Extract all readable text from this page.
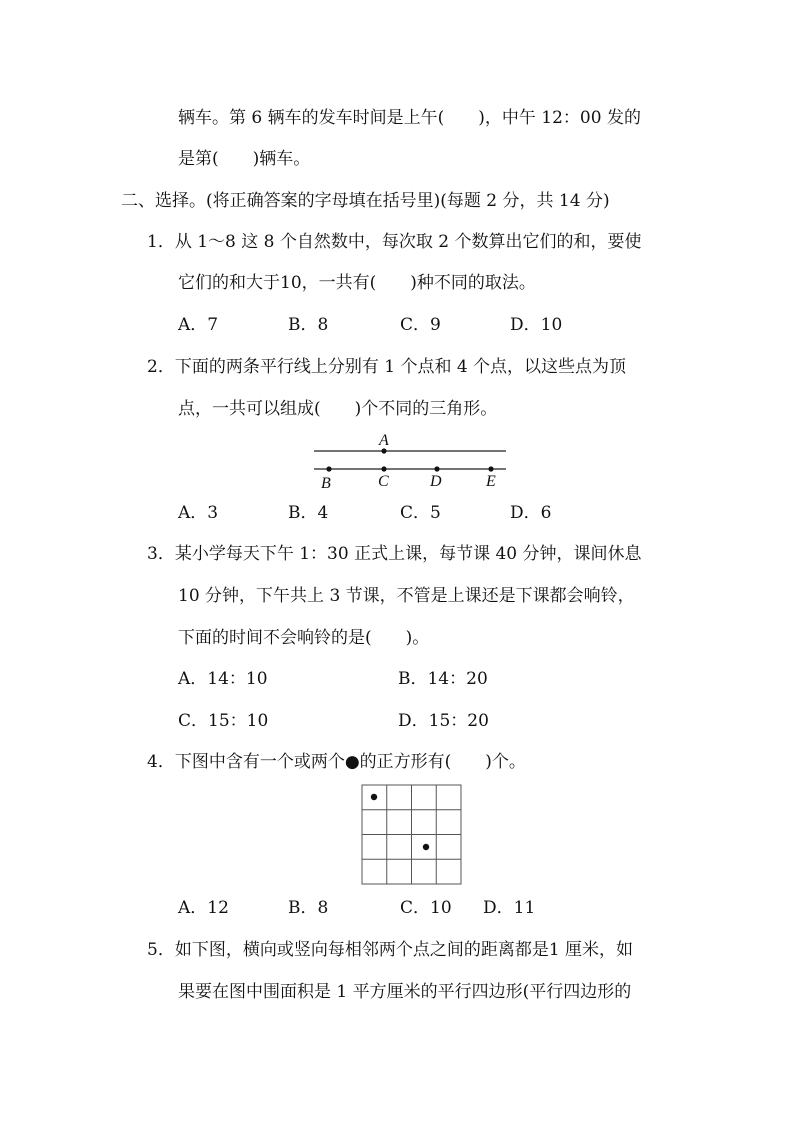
辆车。第 6 辆车的发车时间是上午(　　)，中午 12：00 发的
是第(　　)辆车。
二、选择。(将正确答案的字母填在括号里)(每题 2 分，共 14 分)
1．从 1～8 这 8 个自然数中，每次取 2 个数算出它们的和，要使
它们的和大于10，一共有(　　)种不同的取法。
A．7	B．8	C．9	D．10
2．下面的两条平行线上分别有 1 个点和 4 个点，以这些点为顶
点，一共可以组成(　　)个不同的三角形。
A
B	C	D	E
A．3	B．4	C．5	D．6
3．某小学每天下午 1：30 正式上课，每节课 40 分钟，课间休息
10 分钟，下午共上 3 节课，不管是上课还是下课都会响铃，
下面的时间不会响铃的是(　　)。
A．14：10	B．14：20
C．15：10	D．15：20
4．下图中含有一个或两个●的正方形有(　　)个。
A．12	B．8	C．10 D．11
5．如下图，横向或竖向每相邻两个点之间的距离都是1 厘米，如
果要在图中围面积是 1 平方厘米的平行四边形(平行四边形的
